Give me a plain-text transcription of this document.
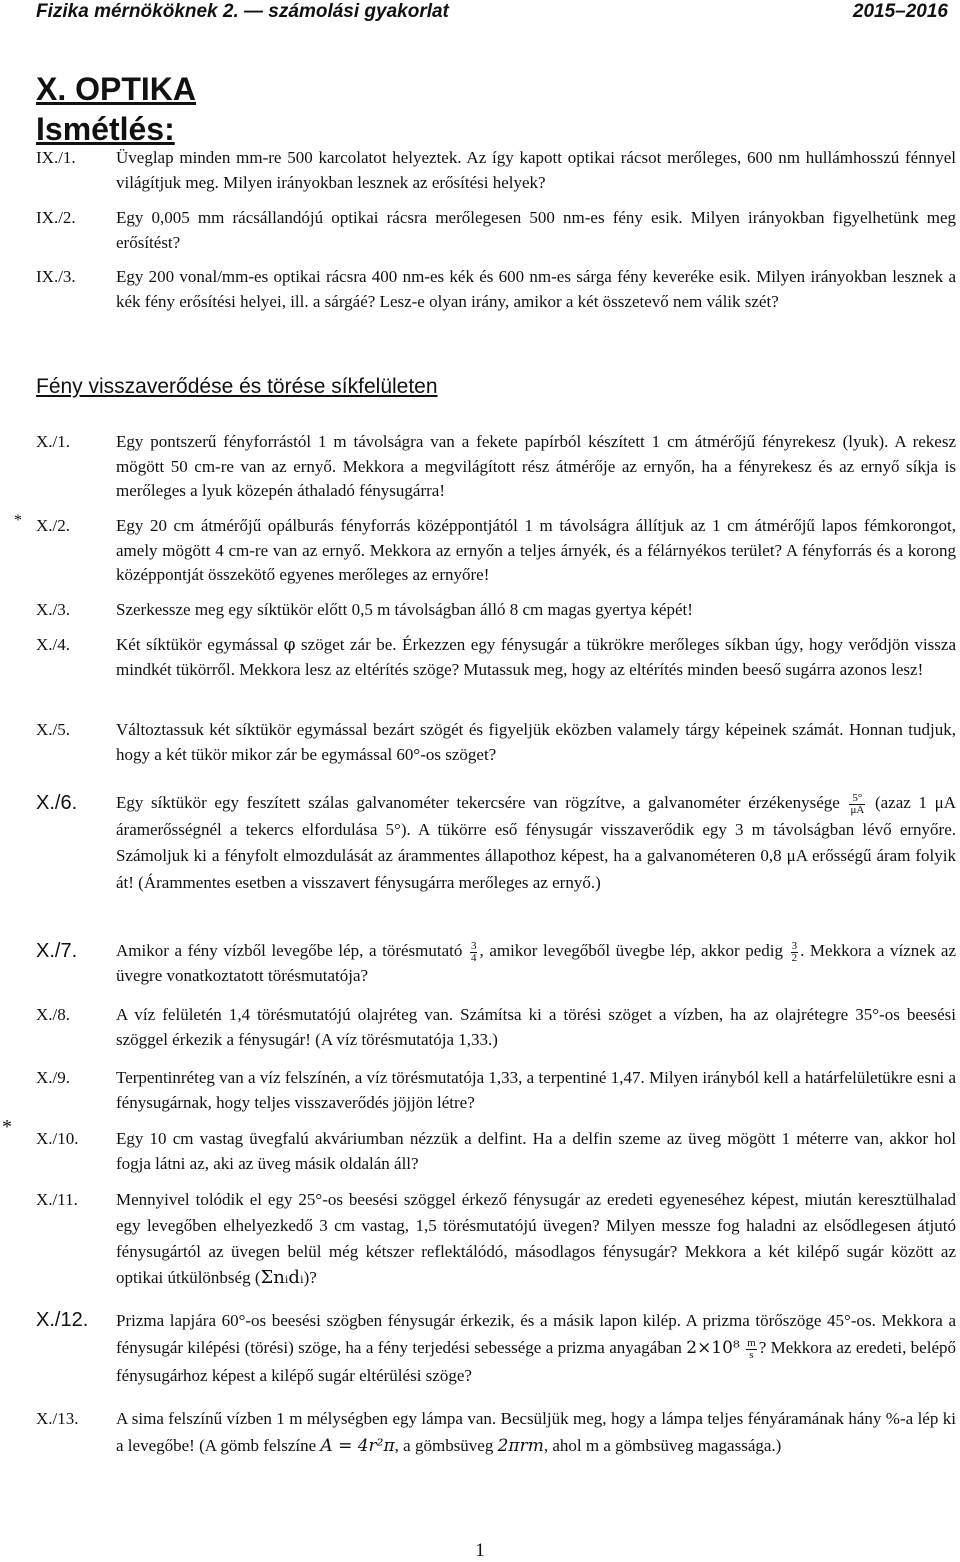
Fizika mérnököknek 2. — számolási gyakorlat	2015–2016
X. OPTIKA
Ismétlés:
IX./1. Üveglap minden mm-re 500 karcolatot helyeztek. Az így kapott optikai rácsot merőleges, 600 nm hullámhosszú fénnyel világítjuk meg. Milyen irányokban lesznek az erősítési helyek?
IX./2. Egy 0,005 mm rácsállandójú optikai rácsra merőlegesen 500 nm-es fény esik. Milyen irányokban figyelhetünk meg erősítést?
IX./3. Egy 200 vonal/mm-es optikai rácsra 400 nm-es kék és 600 nm-es sárga fény keveréke esik. Milyen irányokban lesznek a kék fény erősítési helyei, ill. a sárgáé? Lesz-e olyan irány, amikor a két összetevő nem válik szét?
Fény visszaverődése és törése síkfelületen
X./1.	Egy pontszerű fényforrástól 1 m távolságra van a fekete papírból készített 1 cm átmérőjű fényrekesz (lyuk). A rekesz mögött 50 cm-re van az ernyő. Mekkora a megvilágított rész átmérője az ernyőn, ha a fényrekesz és az ernyő síkja is merőleges a lyuk közepén áthaladó fénysugárra!
* X./2.	Egy 20 cm átmérőjű opálburás fényforrás középpontjától 1 m távolságra állítjuk az 1 cm átmérőjű lapos fémkorongot, amely mögött 4 cm-re van az ernyő. Mekkora az ernyőn a teljes árnyék, és a félárnyékos terület? A fényforrás és a korong középpontját összekötő egyenes merőleges az ernyőre!
X./3.	Szerkessze meg egy síktükör előtt 0,5 m távolságban álló 8 cm magas gyertya képét!
X./4.	Két síktükör egymással φ szöget zár be. Érkezzen egy fénysugár a tükrökre merőleges síkban úgy, hogy verődjön vissza mindkét tükörről. Mekkora lesz az eltérítés szöge? Mutassuk meg, hogy az eltérítés minden beeső sugárra azonos lesz!
X./5.	Változtassuk két síktükör egymással bezárt szögét és figyeljük eközben valamely tárgy képeinek számát. Honnan tudjuk, hogy a két tükör mikor zár be egymással 60°-os szöget?
X./6. Egy síktükör egy feszített szálas galvanométer tekercsére van rögzítve, a galvanométer érzékenysége $\frac{5^\circ}{\mu A}$ (azaz 1 μA áramerősségnél a tekercs elfordulása 5°). A tükörre eső fénysugár visszaverődik egy 3 m távolságban lévő ernyőre. Számoljuk ki a fényfolt elmozdulását az árammentes állapothoz képest, ha a galvanométeren 0,8 μA erősségű áram folyik át! (Árammentes esetben a visszavert fénysugárra merőleges az ernyő.)
X./7. Amikor a fény vízből levegőbe lép, a törésmutató $\frac{3}{4}$ , amikor levegőből üvegbe lép, akkor pedig $\frac{3}{2}$ . Mekkora a víznek az üvegre vonatkoztatott törésmutatója?
X./8.	A víz felületén 1,4 törésmutatójú olajréteg van. Számítsa ki a törési szöget a vízben, ha az olajrétegre 35°-os beesési szöggel érkezik a fénysugár! (A víz törésmutatója 1,33.)
X./9.	Terpentinréteg van a víz felszínén, a víz törésmutatója 1,33, a terpentiné 1,47. Milyen irányból kell a határfelületükre esni a fénysugárnak, hogy teljes visszaverődés jöjjön létre?
*
X./10. Egy 10 cm vastag üvegfalú akváriumban nézzük a delfint. Ha a delfin szeme az üveg mögött 1 méterre van, akkor hol fogja látni az, aki az üveg másik oldalán áll?
X./11. Mennyivel tolódik el egy 25°-os beesési szöggel érkező fénysugár az eredeti egyeneséhez képest, miután keresztülhalad egy levegőben elhelyezkedő 3 cm vastag, 1,5 törésmutatójú üvegen? Milyen messze fog haladni az elsődlegesen átjutó fénysugártól az üvegen belül még kétszer reflektálódó, másodlagos fénysugár? Mekkora a két kilépő sugár között az optikai útkülönbség (Σnᵢdᵢ)?
X./12. Prizma lapjára 60°-os beesési szögben fénysugár érkezik, és a másik lapon kilép. A prizma törőszöge 45°-os. Mekkora a fénysugár kilépési (törési) szöge, ha a fény terjedési sebessége a prizma anyagában $2\times 10^8 \frac{m}{s}$ ? Mekkora az eredeti, belépő fénysugárhoz képest a kilépő sugár eltérülési szöge?
X./13. A sima felszínű vízben 1 m mélységben egy lámpa van. Becsüljük meg, hogy a lámpa teljes fényáramának hány %-a lép ki a levegőbe! (A gömb felszíne A = 4r²π, a gömbsüveg 2πrm, ahol m a gömbsüveg magassága.)
1
